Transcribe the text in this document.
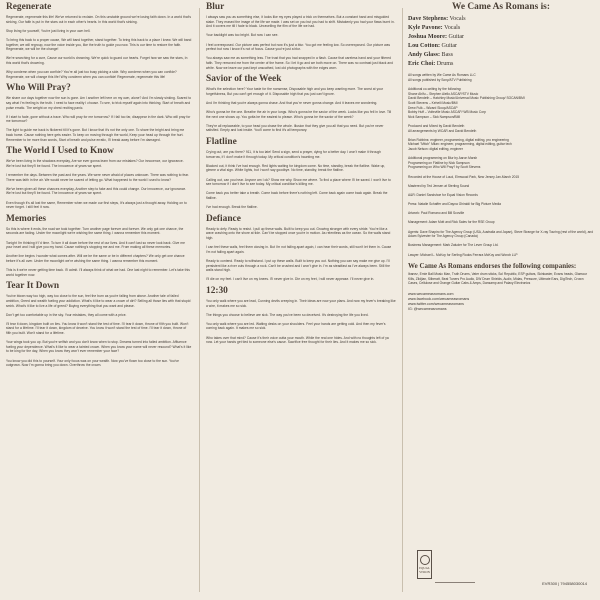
Regenerate
Regenerate, regenerate this life! We've returned to reclaim. On this unstable ground we're losing faith down. In a world that's sinking, Our faith is put in the stars out in each other's hearts. In this world that's sinking.

Stop living for yourself, You're just living in your own hell.

To bring this back to a proper cause, We will band together, stand together. To bring this back to a place I knew. We will band together, we will regroup, now the voice inside you, like the truth to guide you now. This is our time to restore the faith. Regenerate, we will be the change!

We're searching for a cure, Cause our world is drowning. We're quick to guard our hearts. Forget how we saw the stars, In this world that's drowning.

Why condemn when you can confide? You're all just too busy picking a side. Why condemn when you can confide? Regenerate, we will change this life! Why condemn when you can confide! Regenerate, regenerate this life!
Who Will Pray?
We share our days together now the sun is gone. Am I another left here on my own, alone? And I'm slowly sinking. Scared to say what I'm feeling is the truth. I need to face reality I choose. To see, to trick myself again into thinking. Start of breath and pulse erratic. The weight on my chest reciting panic.

If I start to fade, gone without a trace. Who will pray for me tomorrow? If I fall too far, disappear in the dark. Who will pray for me tomorrow?

The light to guide me back is flickered till it's gone. But I know that it's not the only one. To share the bright and bring me back home. Cause nothing here gets easier. To keep on moving through the world, Keep your head up through the hurt. Remember to be more than words, Start of breath and pulse erratic, I'll break away before I'm damaged.
The World I Used to Know
We've been living in the shadows everyday, Are we ever gonna learn from our mistakes? Our innocence, our ignorance. We're lost but they'll be found. The innocence of years we spent.

I remember the days. Between the past and the years. We were never afraid of places unknown. There was nothing to fear. There was faith in the air. We would never be scared of letting go. What happened to the world I used to know?

We've been given all these chances everyday, Another step to fake and this could change. Our innocence, our ignorance. We're lost but they'll be found. The innocence of years we spent.

Even though it's all lost the same, Remember when we made our first steps, It's always just a thought away. Holding on to never forget. I still feel it now.
Memories
So this is where it ends, the road we took together. Turn another page forever and forever. We only got one chance, the seconds are fading. Under the moonlight we're wishing the same thing. I wanna remember this moment.

Tonight I'm thinking if I'd time. To turn it all down before the rest of our lives. And it can't last so never look back. Give me your heart and I will give you my hand. Cause nothing's stopping me and me. From making all these memories.

Another line begins I wonder what comes after. Will we be the same or be in different chapters? We only get one chance before it's all over. Under the moonlight we're wishing the same thing. I wanna remember this moment.

This is it we're never getting time back. I'll admit. I'll always think of what we had. One last night to remember. Let's take this world together now.
Tear It Down
You've blown way too high, way too close to the sun, feel the burn as you're falling from above. Another tale of failed ambition, Greed and wealth fueling your addiction. What's it like to wear a crown of dirt? Selling all those lies with that stupid smirk. What's it like to live a life of greed? Buying everything that you want and please.

Don't get too comfortable up in the sky. Your mistakes, they all come with a price.

I'll tear it down, kingdom built on lies. You know it won't stand the test of time. I'll tear it down, throne of filth you built. Won't stand for a lifetime. I'll tear it down, kingdom of deceive. You know it won't stand the test of time. I'll tear it down, throne of filth you built. Won't stand for a lifetime.

Your wings took you up. But you're selfish and you don't know when to stop. Dreams turned into failed ambition. Affluence fueling your dependence. What's it like to wear a tainted crown. When you know your name will never resound? What's it like to be king for the day, When you know they won't ever remember your face?

You know you did this to yourself. Your only focus was on your wealth. Now you've flown too close to the sun. You've outgrown. Now I'm gonna bring you down. Overthrow the crown.
Blur
I always saw you as something else, it looks like my eyes played a trick on themselves. But a constant hand and misguided stake. They erased the image of the life we made. I was set on you but you had to shift. Mistakenly you had your flaws burnt in. And it covers me till I fade to black. Unravelling the film of the life we had.

Your backlight was too bright. But now I can see.

I feel overexposed. Our picture was perfect but now it's just a blur. You got me feeling low. So overexposed. Our picture was perfect but now I know it's not of focus. Cause you're just a blur.

You always saw me as something less. The trust that you had snapped in a flash. Cause that careless hand and your filtered faith. They removed me from the center of the frame. So I let it go and we both move on. There was no contrast just black and white. Now we leave our past kept unscathed, lost old photographs with the edges worn.
Savior of the Week
What's the selection here? Your taste for the nonsense, Disposable high and you keep wanting more. The worst at your forgetfulness, But you can't get enough of it. Disposable high that you just can't ignore.

And I'm thinking that you're always gonna chase. And that you're never gonna change. And it leaves me wondering.

Who's gonna be the one. Breathe the air in your lungs. Who's gonna be the savior of the week. Looks like you fell in love. Till the next one shows up. You gotta be the easiest to please. Who's gonna be the savior of the week?

They're all replaceable, to your head you chase the whole. Illusion that they give you all that you need. But you're never satisfied. Empty and lost inside. You'll come to find it's all temporary.
Flatline
Crying out, are you there? 911, it is too late! Send a sign, send a prayer, dying for a better day. I won't make it through tomorrow, if I don't make it through today. My critical condition's haunting me.

Blacked out, it think I've had enough. Red lights waiting for kingdom come. No time, standby, break the flatline. Wake up, gimme a vital sign. White lights, but I won't say goodbye. No time, standby, break the flatline.

Calling out, can you hear. Anyone am I ok? Show me why. Show me where. To find a place where I'll be saved. I won't live to see tomorrow if I don't live to see today. My critical condition's killing me.

Come back you better take a breath. Come back before there's nothing left. Come back again come back again. Break the flatline.

I've had enough. Break the flatline.
Defiance
Ready to defy. Ready to resist. I pull up these walls. Built to keep you out. Growing stronger with every stride. You're like a wave crashing onto the shore at tide. Can't be stopped once you're in motion. As relentless as the ocean. So the walls stand high.

I can feel these walls, feel them closing in. But I'm not falling apart again, I can hear their words, still won't let them in. Cause I'm not falling apart again.

Ready to contend. Ready to withstand. I put up these walls. Built to keep you out. Nothing you can say make me give up. I'll persistent like a river cuts through a rock. Can't be crushed and I won't give in. I'm as steadfast as I've always been. Still the walls stand high.

I'll die on my feet. I can't live on my knees. I'll never give in. Die on my feet, I will never appease. I'll never give in.
12:30
You only walk where you are lead, Cunning devils creeping in. Their ideas are now your plans. And now my fever's breaking like a wire, it makes me so sick.

The things you choose to believe are sick. The way you've been so deceived. It's destroying the life you lived.

You only walk where you are led. Waiting desks on your shoulders. Feel your hands are getting cold. And then my fever's coming back again. It makes me so sick.

Who takes over that mind? Cause it's their voice outta your mouth. While the real one hides. And with no thoughts left of ya now. Let your hands get tied to someone else's cause. Sacrifice free thought for their lies. And it makes me so sick.
We Came As Romans is:
Dave Stephens: Vocals
Kyle Pavone: Vocals
Joshua Moore: Guitar
Lou Cotton: Guitar
Andy Glass: Bass
Eric Choi: Drums
All songs written by We Came As Romans LLC
All songs published by Sony/ATV Publishing

Additional co-writing by the following:
Shane Ahlfu – Stephen Aiello ASCAP/STV Music
David Bendeth – Hatchley Music/Universal Music Publishing Group/ SOCAN/BMI
Scott Stevens – Keheili Music/BMI
Drew Fulk – Wizard Sloop/ASCAP
Bobby Huff – Volteville Music ASCAP/ WB Music Corp
Nick Sampson – Sick Nampson/BMI

Produced and Mixed by David Bendeth
All arrangements by WCAR and David Bendeth

Brian Robbins: engineer, programming, digital editing, pro engineering
Michael "Mitch" Milan: engineer, programming, digital editing, guitar tech
Jacob Nelson: digital editing, engineer

Additional programming on Blur by Aaron Marsh
Programming on Flatline by Nick Sampson
Programming on Who Will Pray? by Scott Stevens

Recorded at the House of Loud, Elmwood Park, New Jersey Jan-March 2015

Mastered by Ted Jensen at Sterling Sound

A&R: Daniel Sandshoe for Equal Vision Records

Press: Natalie Schaffer and Dayna Ghiraldi for Big Picture Media

Artwork: Paul Romano and Bill Scoville

Management: Adam Mott and Rick Sales for the RSE Group

Agents: Dave Shapiro for The Agency Group (USA, Australia and Japan), Steve Strange for X-ray Touring (rest of the world), and Adam Sylvester for The Agency Group (Canada)

Business Management: Mark Zaluder for The Lever Group Ltd.

Lawyer: Michael L. McKoy for Serling Rooks Ferrara McKoy and Worob LLP
We Came As Romans endorses the following companies:
Ibanez, Ernie Ball Music Man, Truth Drums, Vater drum sticks, Sol Republic, ESP guitars, Skinkaster, Evans heads, Glamour Kills, Zildjian, Silberatt, Beat Tuners Pro Audio, DW Drum Shields, Audix, Midas, Pressure, Ultimate Ears, DigiTech, Crown Cases, Cellulose and Orange Guitar Cabs & Amps, Dansamp and Palaxy Electronics
www.wecameasromans.com
www.facebook.com/wecameasromans
www.twitter.com/wecameasromans
IG: @wecameasromans
EQUAL VISION
EVR300 | 794558030014
